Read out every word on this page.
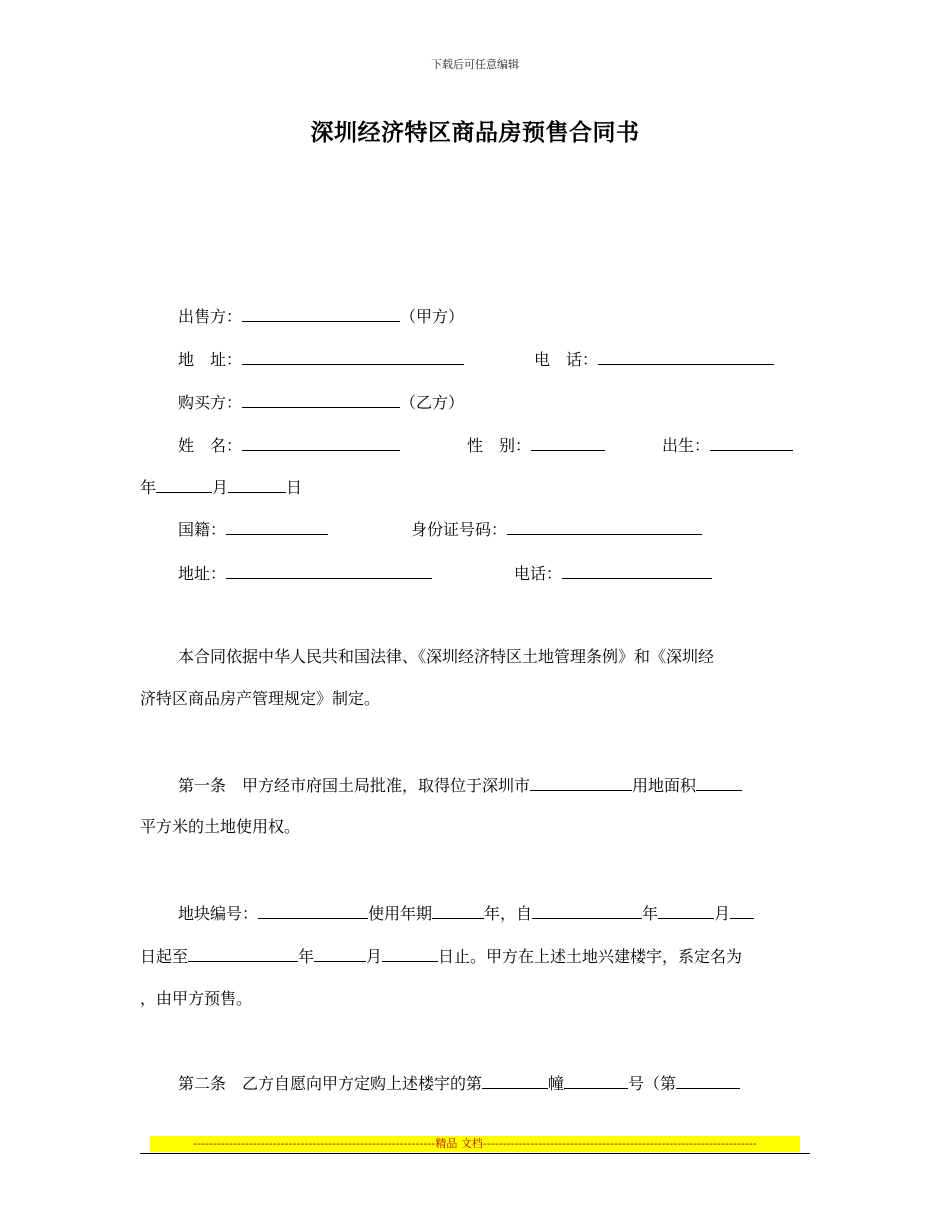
下载后可任意编辑
深圳经济特区商品房预售合同书
出售方：	（甲方）
地　址：	电　话：
购买方：	（乙方）
姓　名：	性　别：	出生：
年	月	日
国籍：	身份证号码：
地址：	电话：
本合同依据中华人民共和国法律、《深圳经济特区土地管理条例》和《深圳经
济特区商品房产管理规定》制定。
第一条　甲方经市府国土局批准，取得位于深圳市	用地面积
平方米的土地使用权。
地块编号：	使用年期	年，自	年	月
日起至	年	月	日止。甲方在上述土地兴建楼宇，系定名为
，由甲方预售。
第二条　乙方自愿向甲方定购上述楼宇的第	幢	号（第
-------------------------------------------------------------精品 文档---------------------------------------------------------------------
